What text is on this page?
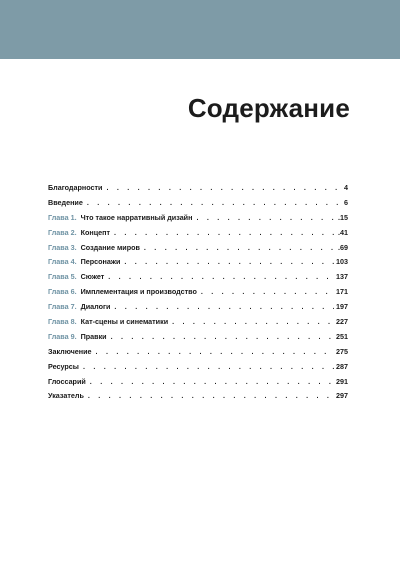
Содержание
Благодарности . . .	4
Введение . . .	6
Глава 1. Что такое нарративный дизайн . . .	.15
Глава 2. Концепт . . .	.41
Глава 3. Создание миров . . .	.69
Глава 4. Персонажи . . .	103
Глава 5. Сюжет . . .	137
Глава 6. Имплементация и производство . . .	171
Глава 7. Диалоги . . .	197
Глава 8. Кат-сцены и синематики . . .	227
Глава 9. Правки . . .	251
Заключение . . .	275
Ресурсы . . .	287
Глоссарий . . .	291
Указатель . . .	297
